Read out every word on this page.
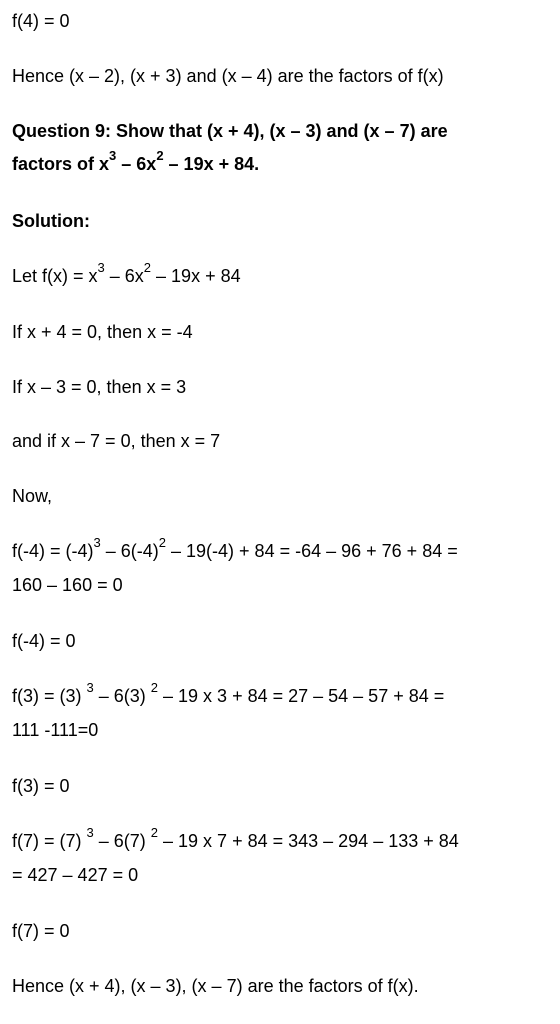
f(4) = 0
Hence (x – 2), (x + 3) and (x – 4) are the factors of f(x)
Question 9: Show that (x + 4), (x – 3) and (x – 7) are
factors of $x^3 - 6x^2 - 19x + 84$.
Solution:
Let $f(x) = x^3 - 6x^2 - 19x + 84$
If x + 4 = 0, then x = -4
If x – 3 = 0, then x = 3
and if x – 7 = 0, then x = 7
Now,
$f(-4) = (-4)^3 - 6(-4)^2 - 19(-4) + 84 = -64 - 96 + 76 + 84$ =
160 – 160 = 0
f(-4) = 0
f(3) = (3) $^3$ – 6(3) $^2$ – 19 x 3 + 84 = 27 – 54 – 57 + 84 =
111 -111=0
f(3) = 0
f(7) = (7) $^3$ – 6(7) $^2$ – 19 x 7 + 84 = 343 – 294 – 133 + 84
= 427 – 427 = 0
f(7) = 0
Hence (x + 4), (x – 3), (x – 7) are the factors of f(x).
